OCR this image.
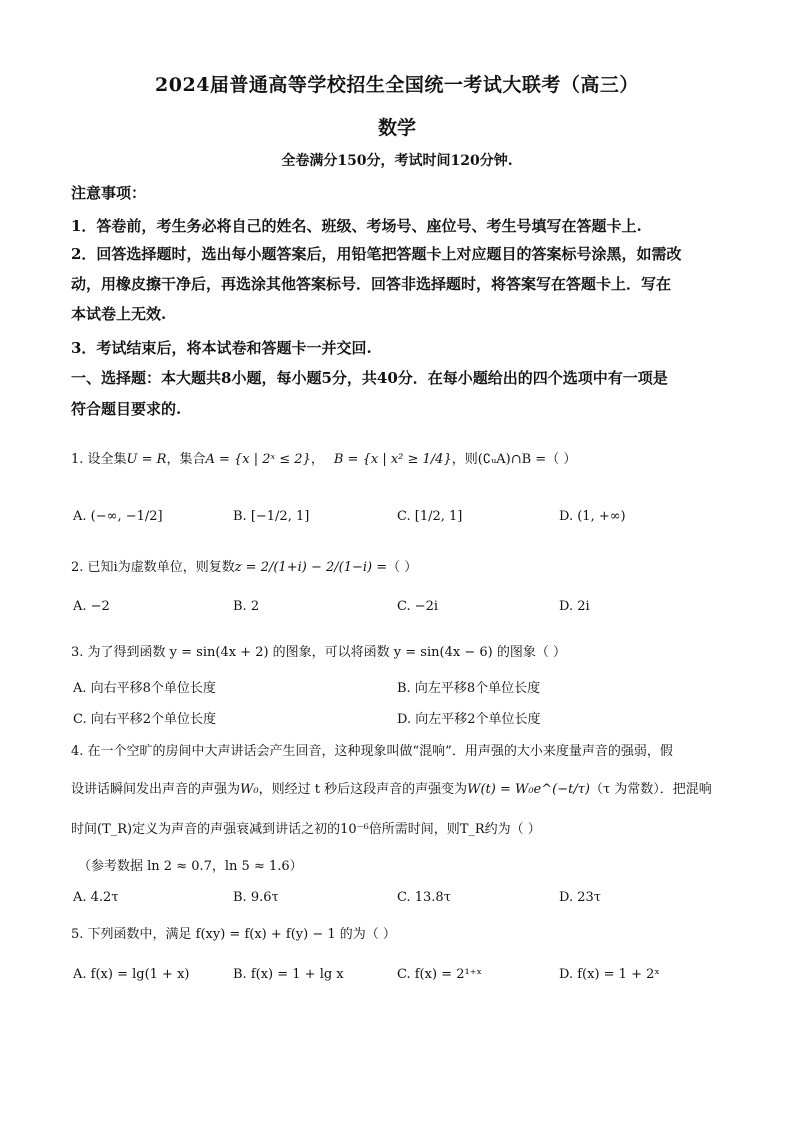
2024届普通高等学校招生全国统一考试大联考（高三）
数学
全卷满分150分，考试时间120分钟.
注意事项：
1．答卷前，考生务必将自己的姓名、班级、考场号、座位号、考生号填写在答题卡上.
2．回答选择题时，选出每小题答案后，用铅笔把答题卡上对应题目的答案标号涂黑，如需改
动，用橡皮擦干净后，再选涂其他答案标号．回答非选择题时，将答案写在答题卡上．写在
本试卷上无效.
3．考试结束后，将本试卷和答题卡一并交回.
一、选择题：本大题共8小题，每小题5分，共40分．在每小题给出的四个选项中有一项是
符合题目要求的.
1. 设全集U = R，集合A = {x | 2ˣ ≤ 2}， B = {x | x² ≥ 1/4}，则(∁ᵤA)∩B =（ ）
A. (−∞, −1/2]	B. [−1/2, 1]	C. [1/2, 1]	D. (1, +∞)
2. 已知i为虚数单位，则复数z = 2/(1+i) − 2/(1−i) =（ ）
A. −2	B. 2	C. −2i	D. 2i
3. 为了得到函数 y = sin(4x + 2) 的图象，可以将函数 y = sin(4x − 6) 的图象（ ）
A. 向右平移8个单位长度	B. 向左平移8个单位长度
C. 向右平移2个单位长度	D. 向左平移2个单位长度
4. 在一个空旷的房间中大声讲话会产生回音，这种现象叫做“混响”．用声强的大小来度量声音的强弱，假
设讲话瞬间发出声音的声强为W₀，则经过 t 秒后这段声音的声强变为W(t) = W₀e^(−t/τ)（τ 为常数）．把混响
时间(T_R)定义为声音的声强衰减到讲话之初的10⁻⁶倍所需时间，则T_R约为（ ）
（参考数据 ln 2 ≈ 0.7，ln 5 ≈ 1.6）
A. 4.2τ	B. 9.6τ	C. 13.8τ	D. 23τ
5. 下列函数中，满足 f(xy) = f(x) + f(y) − 1 的为（ ）
A. f(x) = lg(1 + x)	B. f(x) = 1 + lg x	C. f(x) = 2¹⁺ˣ	D. f(x) = 1 + 2ˣ
